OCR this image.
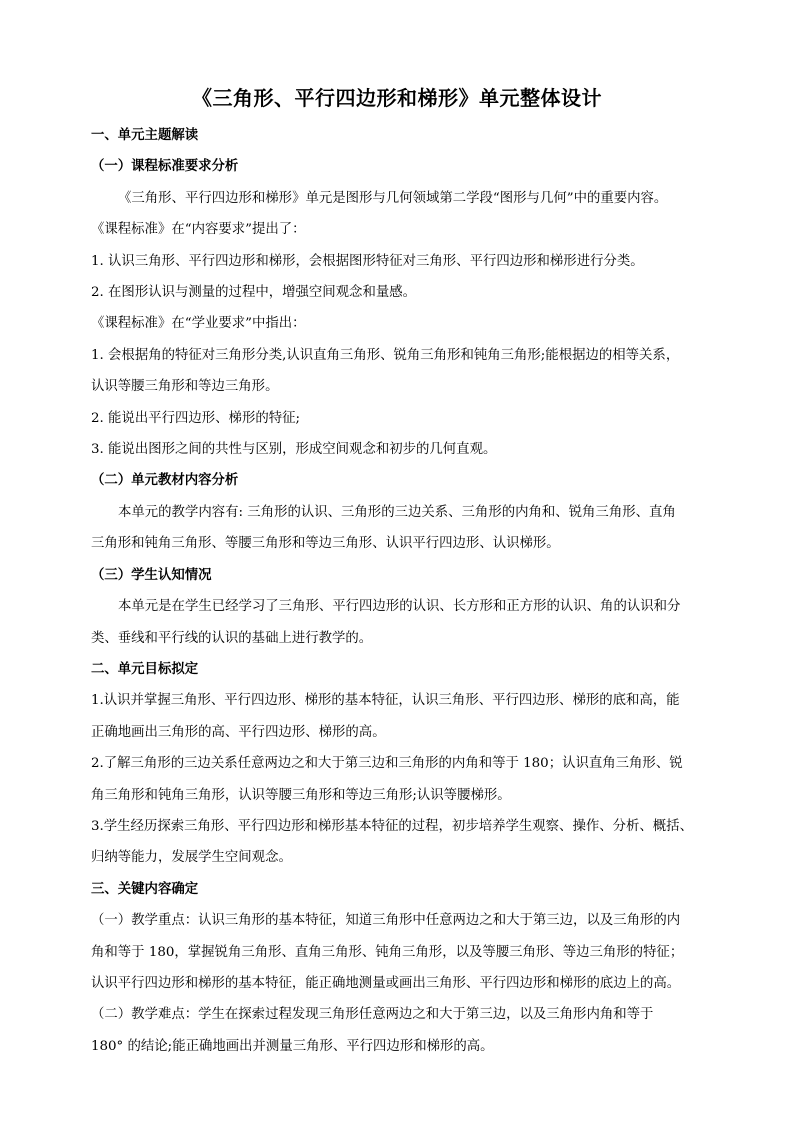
《三角形、平行四边形和梯形》单元整体设计

一、单元主题解读

（一）课程标准要求分析

《三角形、平行四边形和梯形》单元是图形与几何领域第二学段“图形与几何”中的重要内容。

《课程标准》在“内容要求”提出了：

1. 认识三角形、平行四边形和梯形，会根据图形特征对三角形、平行四边形和梯形进行分类。

2. 在图形认识与测量的过程中，增强空间观念和量感。

《课程标准》在“学业要求”中指出：

1. 会根据角的特征对三角形分类,认识直角三角形、锐角三角形和钝角三角形;能根据边的相等关系，

认识等腰三角形和等边三角形。

2. 能说出平行四边形、梯形的特征;

3. 能说出图形之间的共性与区别，形成空间观念和初步的几何直观。

（二）单元教材内容分析

本单元的教学内容有: 三角形的认识、三角形的三边关系、三角形的内角和、锐角三角形、直角

三角形和钝角三角形、等腰三角形和等边三角形、认识平行四边形、认识梯形。

（三）学生认知情况

本单元是在学生已经学习了三角形、平行四边形的认识、长方形和正方形的认识、角的认识和分

类、垂线和平行线的认识的基础上进行教学的。

二、单元目标拟定

1.认识并掌握三角形、平行四边形、梯形的基本特征，认识三角形、平行四边形、梯形的底和高，能

正确地画出三角形的高、平行四边形、梯形的高。

2.了解三角形的三边关系任意两边之和大于第三边和三角形的内角和等于 180；认识直角三角形、锐

角三角形和钝角三角形，认识等腰三角形和等边三角形;认识等腰梯形。

3.学生经历探索三角形、平行四边形和梯形基本特征的过程，初步培养学生观察、操作、分析、概括、

归纳等能力，发展学生空间观念。

三、关键内容确定

（一）教学重点：认识三角形的基本特征，知道三角形中任意两边之和大于第三边，以及三角形的内

角和等于 180，掌握锐角三角形、直角三角形、钝角三角形，以及等腰三角形、等边三角形的特征；

认识平行四边形和梯形的基本特征，能正确地测量或画出三角形、平行四边形和梯形的底边上的高。

（二）教学难点：学生在探索过程发现三角形任意两边之和大于第三边，以及三角形内角和等于

180° 的结论;能正确地画出并测量三角形、平行四边形和梯形的高。
